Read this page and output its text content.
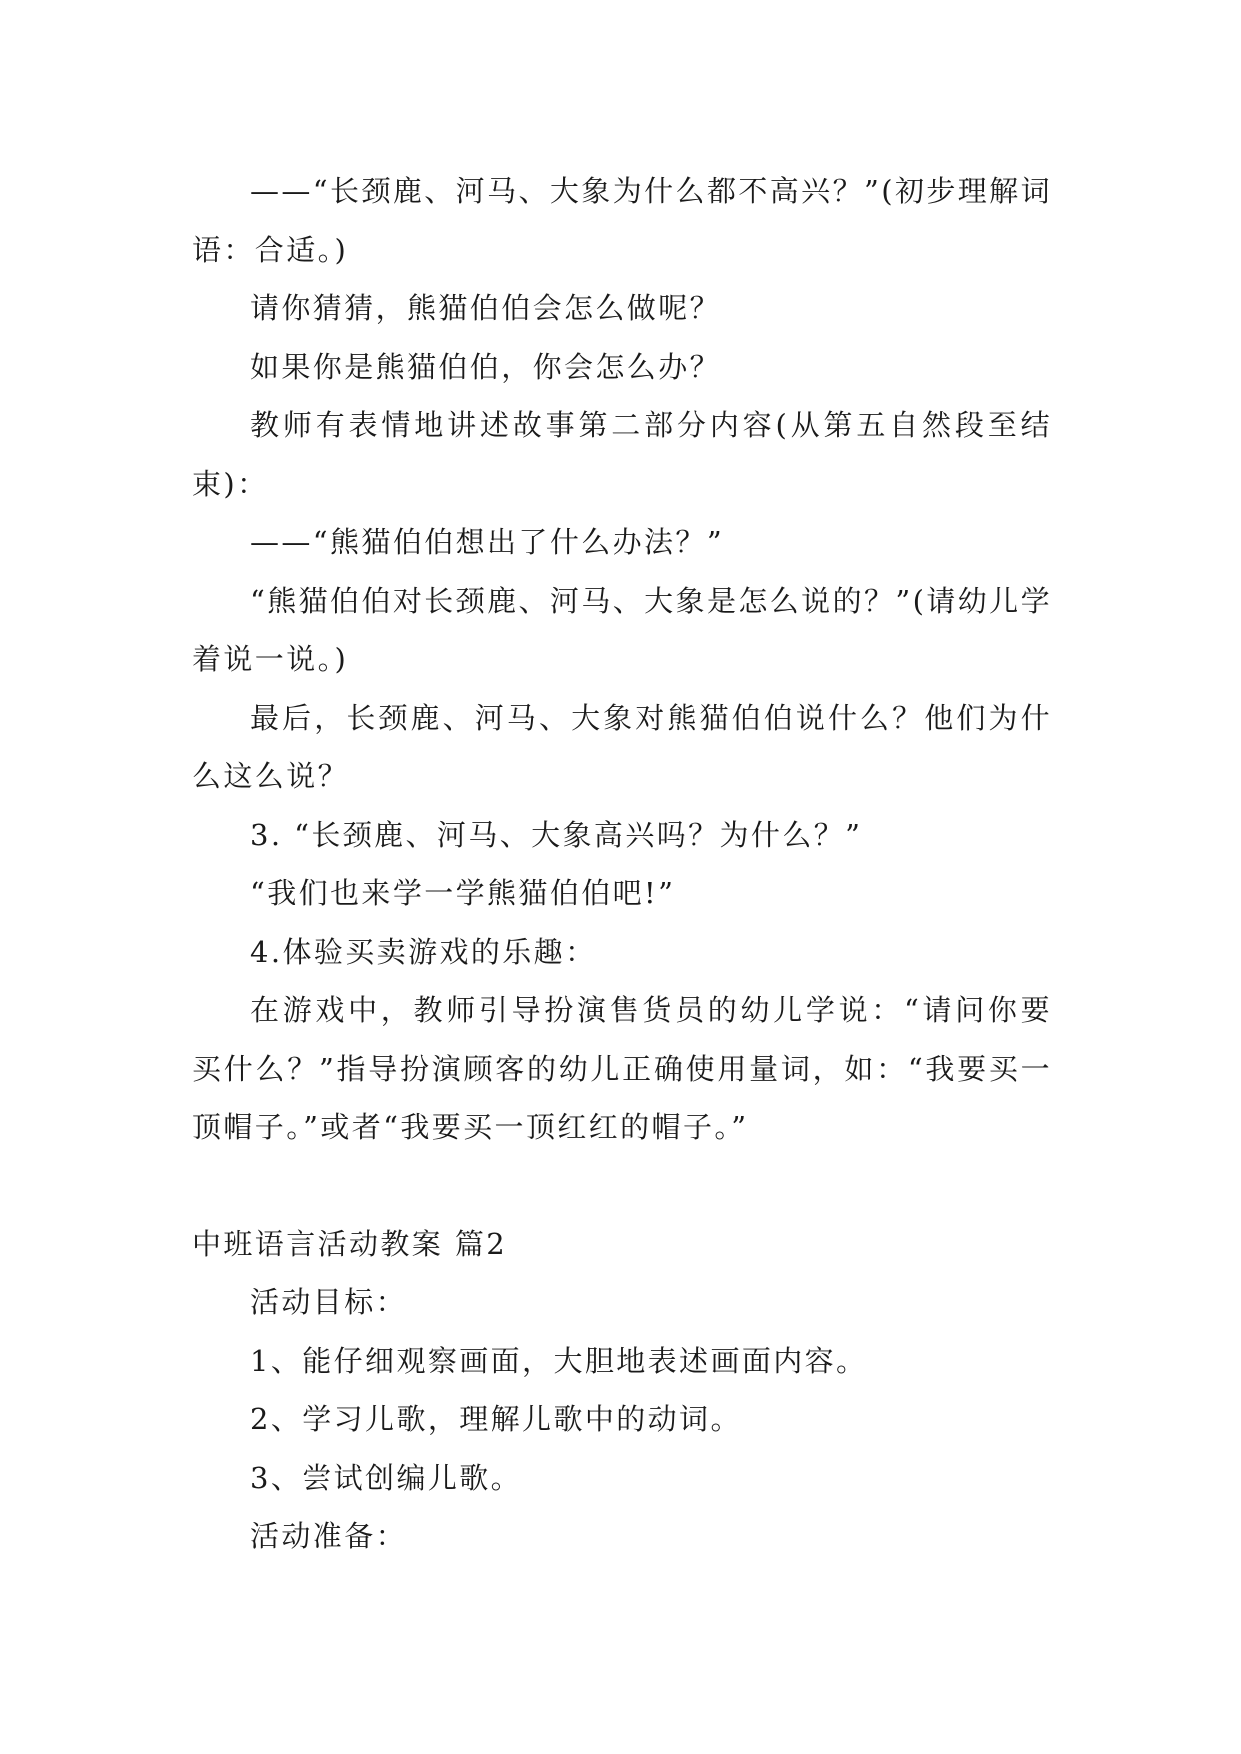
——“长颈鹿、河马、大象为什么都不高兴？”(初步理解词语：合适。)

请你猜猜，熊猫伯伯会怎么做呢？

如果你是熊猫伯伯，你会怎么办？

教师有表情地讲述故事第二部分内容(从第五自然段至结束)：

——“熊猫伯伯想出了什么办法？”

“熊猫伯伯对长颈鹿、河马、大象是怎么说的？”(请幼儿学着说一说。)

最后，长颈鹿、河马、大象对熊猫伯伯说什么？他们为什么这么说？

3. “长颈鹿、河马、大象高兴吗？为什么？”

“我们也来学一学熊猫伯伯吧!”

4.体验买卖游戏的乐趣：

在游戏中，教师引导扮演售货员的幼儿学说：“请问你要买什么？”指导扮演顾客的幼儿正确使用量词，如：“我要买一顶帽子。”或者“我要买一顶红红的帽子。”

中班语言活动教案 篇2

活动目标：

1、能仔细观察画面，大胆地表述画面内容。

2、学习儿歌，理解儿歌中的动词。

3、尝试创编儿歌。

活动准备：
